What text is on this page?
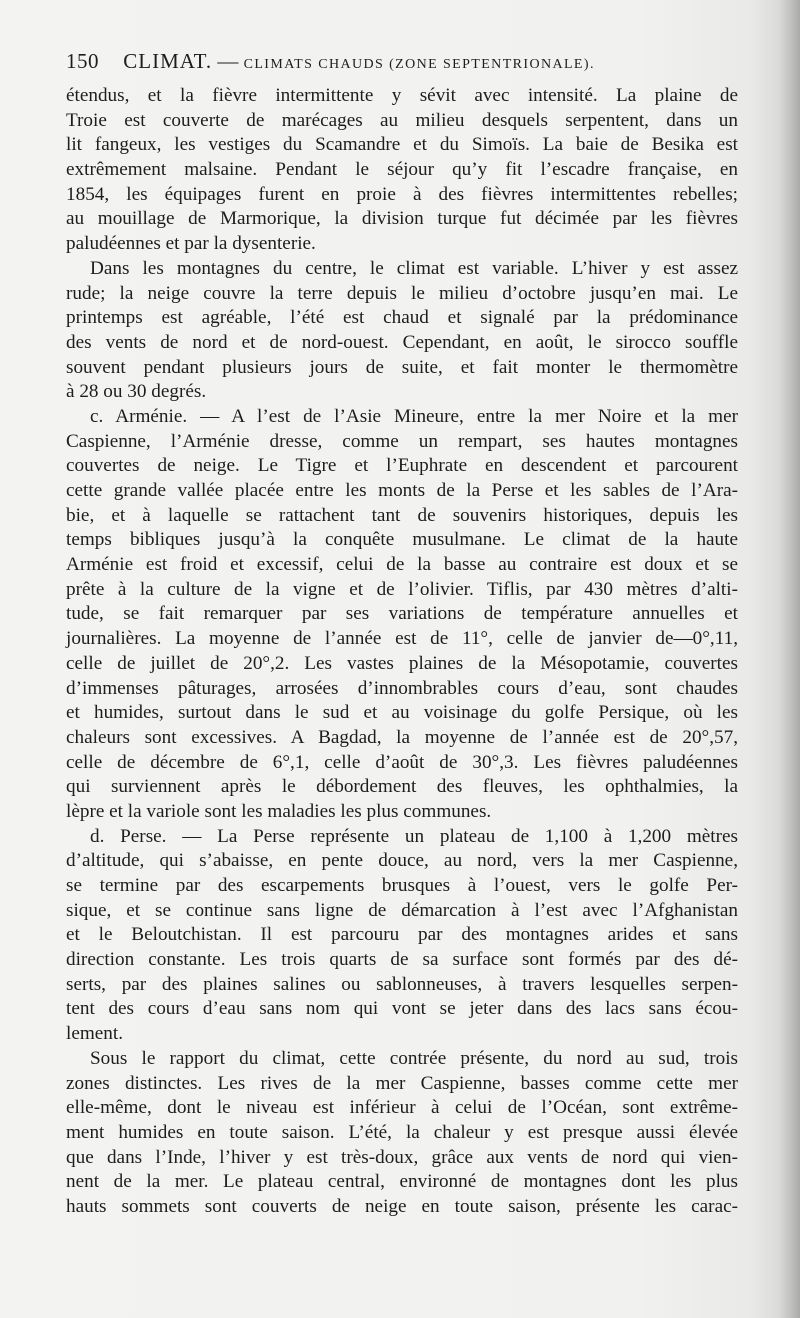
150 CLIMAT. — CLIMATS CHAUDS (ZONE SEPTENTRIONALE).
étendus, et la fièvre intermittente y sévit avec intensité. La plaine de
Troie est couverte de marécages au milieu desquels serpentent, dans un
lit fangeux, les vestiges du Scamandre et du Simoïs. La baie de Besika est
extrêmement malsaine. Pendant le séjour qu’y fit l’escadre française, en
1854, les équipages furent en proie à des fièvres intermittentes rebelles;
au mouillage de Marmorique, la division turque fut décimée par les fièvres
paludéennes et par la dysenterie.
Dans les montagnes du centre, le climat est variable. L’hiver y est assez
rude; la neige couvre la terre depuis le milieu d’octobre jusqu’en mai. Le
printemps est agréable, l’été est chaud et signalé par la prédominance
des vents de nord et de nord-ouest. Cependant, en août, le sirocco souffle
souvent pendant plusieurs jours de suite, et fait monter le thermomètre
à 28 ou 30 degrés.
c. Arménie. — A l’est de l’Asie Mineure, entre la mer Noire et la mer
Caspienne, l’Arménie dresse, comme un rempart, ses hautes montagnes
couvertes de neige. Le Tigre et l’Euphrate en descendent et parcourent
cette grande vallée placée entre les monts de la Perse et les sables de l’Ara-
bie, et à laquelle se rattachent tant de souvenirs historiques, depuis les
temps bibliques jusqu’à la conquête musulmane. Le climat de la haute
Arménie est froid et excessif, celui de la basse au contraire est doux et se
prête à la culture de la vigne et de l’olivier. Tiflis, par 430 mètres d’alti-
tude, se fait remarquer par ses variations de température annuelles et
journalières. La moyenne de l’année est de 11°, celle de janvier de—0°,11,
celle de juillet de 20°,2. Les vastes plaines de la Mésopotamie, couvertes
d’immenses pâturages, arrosées d’innombrables cours d’eau, sont chaudes
et humides, surtout dans le sud et au voisinage du golfe Persique, où les
chaleurs sont excessives. A Bagdad, la moyenne de l’année est de 20°,57,
celle de décembre de 6°,1, celle d’août de 30°,3. Les fièvres paludéennes
qui surviennent après le débordement des fleuves, les ophthalmies, la
lèpre et la variole sont les maladies les plus communes.
d. Perse. — La Perse représente un plateau de 1,100 à 1,200 mètres
d’altitude, qui s’abaisse, en pente douce, au nord, vers la mer Caspienne,
se termine par des escarpements brusques à l’ouest, vers le golfe Per-
sique, et se continue sans ligne de démarcation à l’est avec l’Afghanistan
et le Beloutchistan. Il est parcouru par des montagnes arides et sans
direction constante. Les trois quarts de sa surface sont formés par des dé-
serts, par des plaines salines ou sablonneuses, à travers lesquelles serpen-
tent des cours d’eau sans nom qui vont se jeter dans des lacs sans écou-
lement.
Sous le rapport du climat, cette contrée présente, du nord au sud, trois
zones distinctes. Les rives de la mer Caspienne, basses comme cette mer
elle-même, dont le niveau est inférieur à celui de l’Océan, sont extrême-
ment humides en toute saison. L’été, la chaleur y est presque aussi élevée
que dans l’Inde, l’hiver y est très-doux, grâce aux vents de nord qui vien-
nent de la mer. Le plateau central, environné de montagnes dont les plus
hauts sommets sont couverts de neige en toute saison, présente les carac-
